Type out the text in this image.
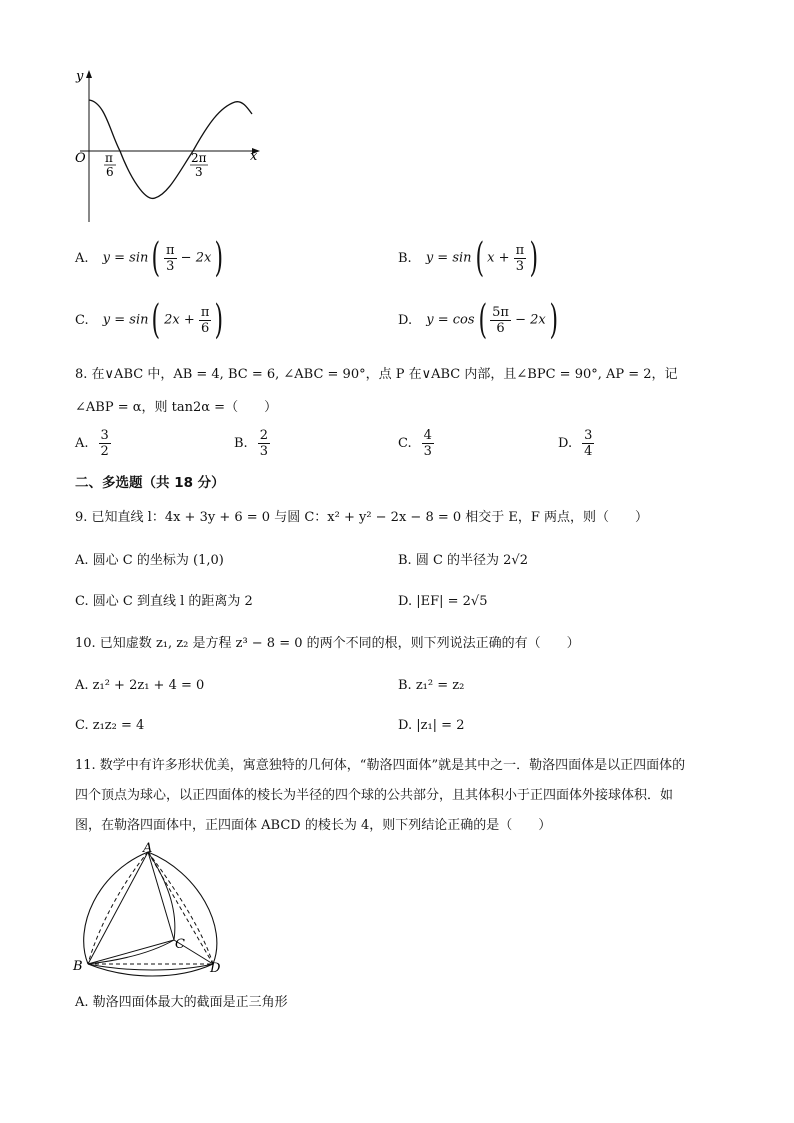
y
x
O π
6
2π
3
A. $y = \sin( \frac{\pi}{3} - 2x)$	B. y = sin( $x + \frac{\pi}{3}$ )
C. y = sin( $2x + \frac{\pi}{6}$ )	D. $y = \cos( \frac{5\pi}{6} - 2x)$
8. 在∨ABC 中，AB = 4, BC = 6, ∠ABC = 90°，点 P 在∨ABC 内部，且∠BPC = 90°, AP = 2，记
∠ABP = α，则 tan2α =（　　）
A. $\frac{3}{2}$	B. $\frac{2}{3}$	C. $\frac{4}{3}$	D. $\frac{3}{4}$
二、多选题（共 18 分）
9. 已知直线 l：4x + 3y + 6 = 0 与圆 C：x² + y² − 2x − 8 = 0 相交于 E，F 两点，则（　　）
A. 圆心 C 的坐标为 (1,0)	B. 圆 C 的半径为 2√2
C. 圆心 C 到直线 l 的距离为 2	D. |EF| = 2√5
10. 已知虚数 z₁, z₂ 是方程 z³ − 8 = 0 的两个不同的根，则下列说法正确的有（　　）
A. z₁² + 2z₁ + 4 = 0	B. z₁² = z₂
C. z₁z₂ = 4	D. |z₁| = 2
11. 数学中有许多形状优美，寓意独特的几何体，“勒洛四面体”就是其中之一．勒洛四面体是以正四面体的
四个顶点为球心，以正四面体的棱长为半径的四个球的公共部分，且其体积小于正四面体外接球体积．如
图，在勒洛四面体中，正四面体 ABCD 的棱长为 4，则下列结论正确的是（　　）
A
B
C
D
A. 勒洛四面体最大的截面是正三角形
